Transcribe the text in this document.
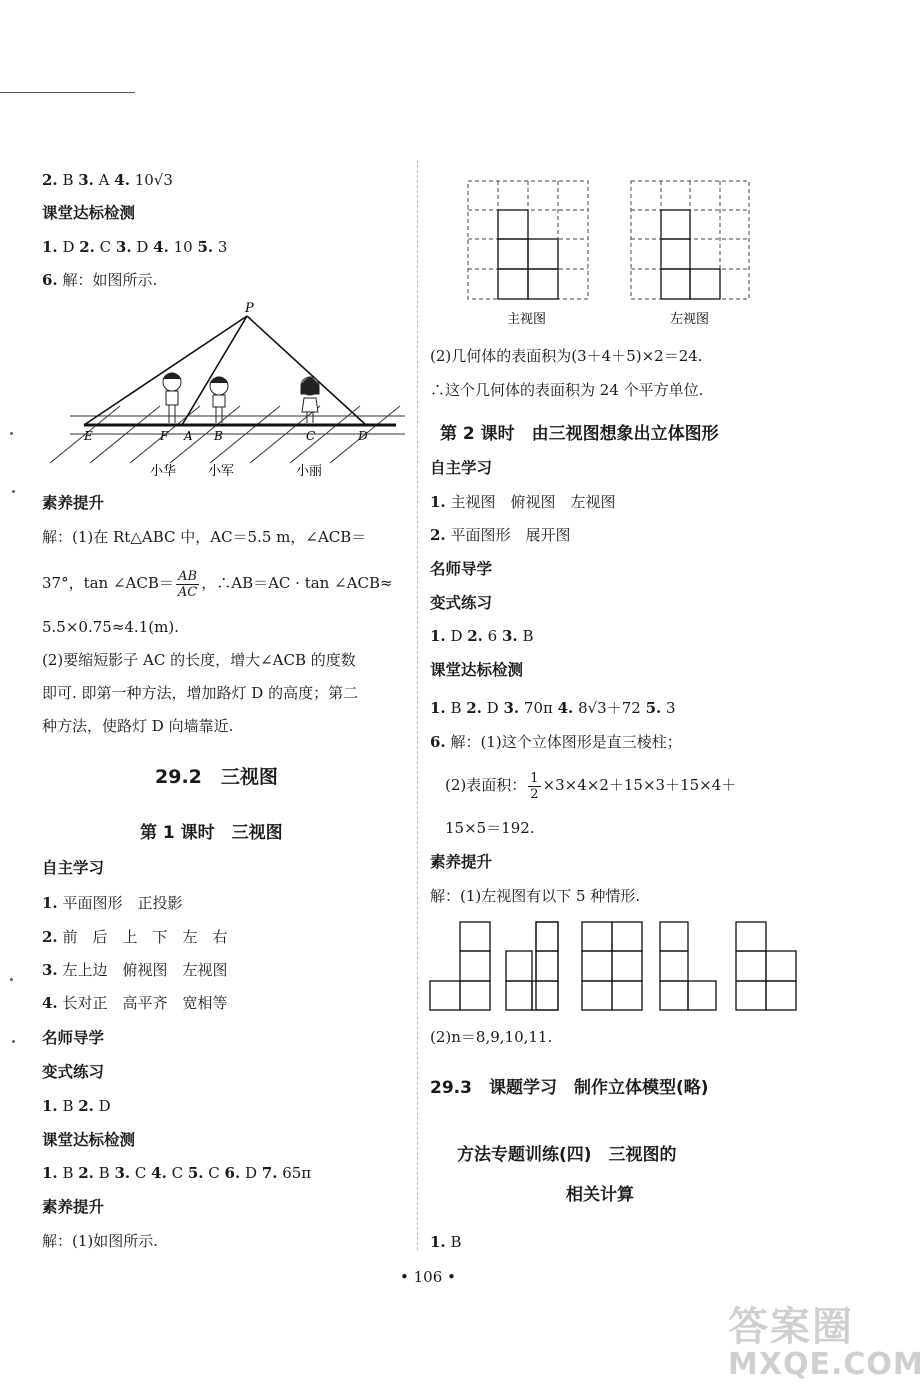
2. B 3. A 4. 10√3
课堂达标检测
1. D 2. C 3. D 4. 10 5. 3
6. 解：如图所示.
P
E	F A B	C	D
小华 小军	小丽
素养提升
解：(1)在 Rt△ABC 中，AC＝5.5 m，∠ACB＝
37°，tan ∠ACB＝ $\frac{AB}{AC}$ ，∴AB＝AC · tan ∠ACB≈
5.5×0.75≈4.1(m).
(2)要缩短影子 AC 的长度，增大∠ACB 的度数
即可. 即第一种方法，增加路灯 D 的高度；第二
种方法，使路灯 D 向墙靠近.
29.2　三视图
第 1 课时　三视图
自主学习
1. 平面图形　正投影
2. 前　后　上　下　左　右
3. 左上边　俯视图　左视图
4. 长对正　高平齐　宽相等
名师导学
变式练习
1. B 2. D
课堂达标检测
1. B 2. B 3. C 4. C 5. C 6. D 7. 65π
素养提升
解：(1)如图所示.
主视图	左视图
(2)几何体的表面积为(3＋4＋5)×2＝24.
∴这个几何体的表面积为 24 个平方单位.
第 2 课时　由三视图想象出立体图形
自主学习
1. 主视图　俯视图　左视图
2. 平面图形　展开图
名师导学
变式练习
1. D 2. 6 3. B
课堂达标检测
1. B 2. D 3. 70π 4. 8√3＋72 5. 3
6. 解：(1)这个立体图形是直三棱柱；
(2)表面积： $\frac{1}{2} \times 3\times 4\times 2+15\times 3+15\times 4+$
15×5＝192.
素养提升
解：(1)左视图有以下 5 种情形.
(2)n＝8,9,10,11.
29.3　课题学习　制作立体模型(略)
方法专题训练(四)　三视图的
相关计算
1. B
• 106 •
答案圈
MXQE.COM
